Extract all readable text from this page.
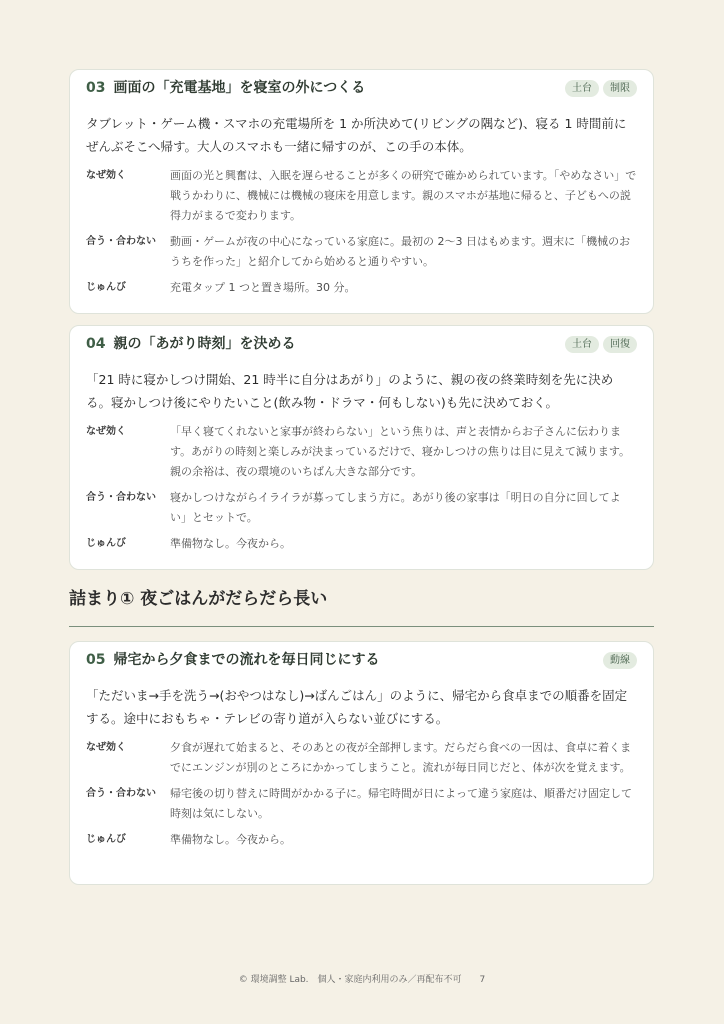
03 画面の「充電基地」を寝室の外につくる	土台	制限
タブレット・ゲーム機・スマホの充電場所を 1 か所決めて(リビングの隅など)、寝る 1 時間前にぜんぶそこへ帰す。大人のスマホも一緒に帰すのが、この手の本体。
なぜ効く	画面の光と興奮は、入眠を遅らせることが多くの研究で確かめられています。「やめなさい」で戦うかわりに、機械には機械の寝床を用意します。親のスマホが基地に帰ると、子どもへの説得力がまるで変わります。
合う・合わない	動画・ゲームが夜の中心になっている家庭に。最初の 2〜3 日はもめます。週末に「機械のおうちを作った」と紹介してから始めると通りやすい。
じゅんび	充電タップ 1 つと置き場所。30 分。
04 親の「あがり時刻」を決める	土台	回復
「21 時に寝かしつけ開始、21 時半に自分はあがり」のように、親の夜の終業時刻を先に決める。寝かしつけ後にやりたいこと(飲み物・ドラマ・何もしない)も先に決めておく。
なぜ効く	「早く寝てくれないと家事が終わらない」という焦りは、声と表情からお子さんに伝わります。あがりの時刻と楽しみが決まっているだけで、寝かしつけの焦りは目に見えて減ります。親の余裕は、夜の環境のいちばん大きな部分です。
合う・合わない	寝かしつけながらイライラが募ってしまう方に。あがり後の家事は「明日の自分に回してよい」とセットで。
じゅんび	準備物なし。今夜から。
詰まり① 夜ごはんがだらだら長い
05 帰宅から夕食までの流れを毎日同じにする	動線
「ただいま→手を洗う→(おやつはなし)→ばんごはん」のように、帰宅から食卓までの順番を固定する。途中におもちゃ・テレビの寄り道が入らない並びにする。
なぜ効く	夕食が遅れて始まると、そのあとの夜が全部押します。だらだら食べの一因は、食卓に着くまでにエンジンが別のところにかかってしまうこと。流れが毎日同じだと、体が次を覚えます。
合う・合わない	帰宅後の切り替えに時間がかかる子に。帰宅時間が日によって違う家庭は、順番だけ固定して時刻は気にしない。
じゅんび	準備物なし。今夜から。
© 環境調整 Lab.　個人・家庭内利用のみ／再配布不可 7
